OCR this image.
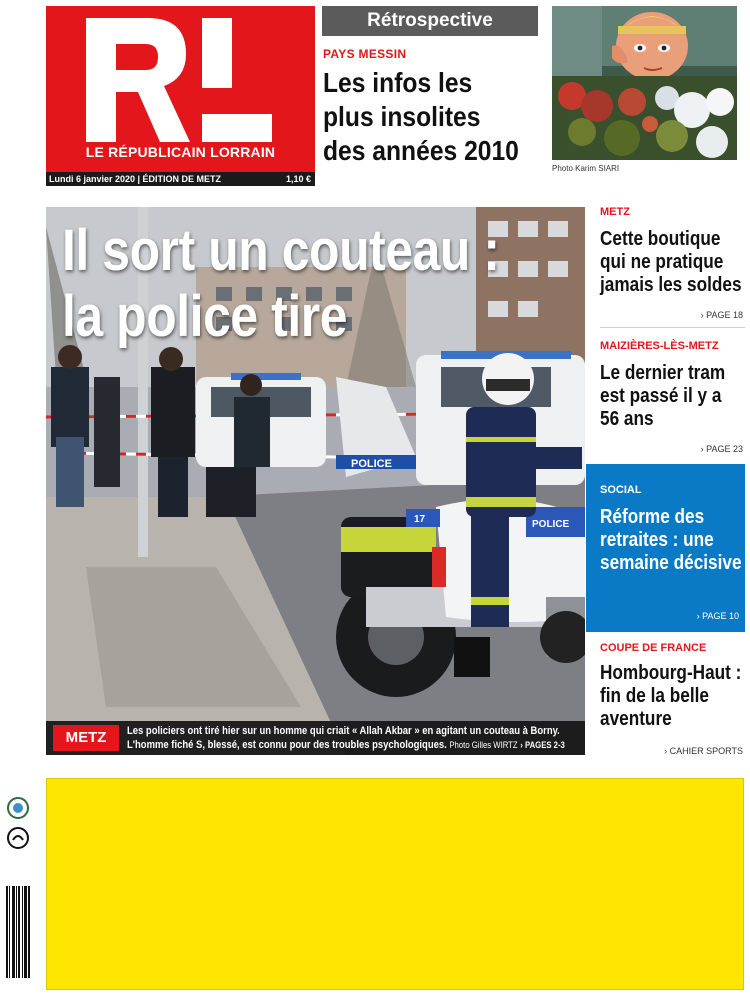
LE RÉPUBLICAIN LORRAIN
Lundi 6 janvier 2020 | ÉDITION DE METZ	1,10 €
Rétrospective
PAYS MESSIN
Les infos les plus insolites des années 2010
Photo Karim SIARI
POLICE
POLICE
17
Il sort un couteau :
la police tire
METZ	Les policiers ont tiré hier sur un homme qui criait « Allah Akbar » en agitant un couteau à Borny.
L'homme fiché S, blessé, est connu pour des troubles psychologiques. Photo Gilles WIRTZ › PAGES 2-3
METZ
Cette boutique qui ne pratique jamais les soldes
› PAGE 18
MAIZIÈRES-LÈS-METZ
Le dernier tram est passé il y a 56 ans
› PAGE 23
SOCIAL
Réforme des retraites : une semaine décisive
› PAGE 10
COUPE DE FRANCE
Hombourg-Haut : fin de la belle aventure
› CAHIER SPORTS
